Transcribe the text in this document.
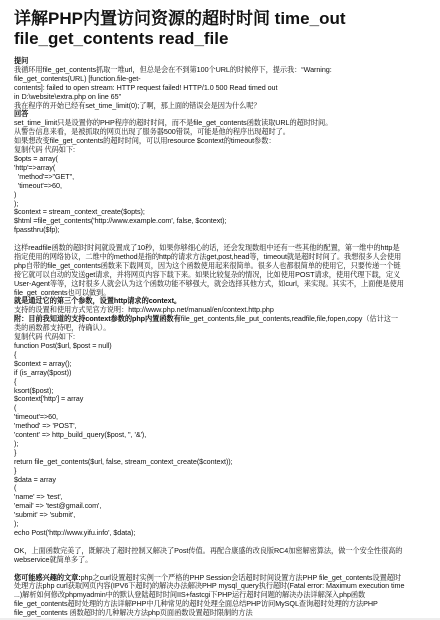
详解PHP内置访问资源的超时时间 time_out
file_get_contents read_file

提问

我循环用file_get_contents抓取一堆url，但总是会在不到第100个URL的时候停下，提示我：“Warning:

file_get_contents(URL) [function.file-get-

contents]: failed to open stream: HTTP request failed! HTTP/1.0 500 Read timed out

in D:\website\extra.php on line 65”

我在程序的开始已经有set_time_limit(0);了啊，那上面的错误会是因为什么呢？

回答

set_time_limit只是设置你的PHP程序的超时时间，而不是file_get_contents函数读取URL的超时时间。

从警告信息来看，是被抓取的网页出现了服务器500错误，可能是他的程序出现超时了。

如果想改变file_get_contents的超时时间，可以用resource $context的timeout参数：

复制代码 代码如下:

$opts = array(

'http'=>array(

'method'=>"GET",

'timeout'=>60,

)

);

$context = stream_context_create($opts);

$html =file_get_contents('http://www.example.com', false, $context);

fpassthru($fp);

这样readfile函数的超时时间就设置成了10秒，如果你够细心的话，还会发现数组中还有一些其他的配置，第一维中的http是

指定使用的网络协议，二维中的method是指的http的请求方法get,post,head等，timeout就是超时时间了。我想很多人会使用

php自带的file_get_contents函数来下载网页，因为这个函数使用起来很简单。很多人也都很简单的使用它，只要传递一个链

接它就可以自动的发送get请求，并将网页内容下载下来。如果比较复杂的情况，比如使用POST请求，使用代理下载，定义

User-Agent等等，这时很多人就会认为这个函数功能不够强大，就会选择其他方式，如curl，来实现。其实不，上面便是使用

file_get_contents也可以做到。

就是通过它的第三个参数，设置http请求的context。

支持的设置和使用方式见官方说明：http://www.php.net/manual/en/context.http.php

附：目前我知道的支持context参数的php内置函数有file_get_contents,file_put_contents,readfile,file,fopen,copy（估计这一

类的函数都支持吧，待确认）。

复制代码 代码如下:

function Post($url, $post = null)

{

$context = array();

if (is_array($post))

{

ksort($post);

$context['http'] = array

(

'timeout'=>60,

'method' => 'POST',

'content' => http_build_query($post, '', '&'),

);

}

return file_get_contents($url, false, stream_context_create($context));

}

$data = array

(

'name' => 'test',

'email' => 'test@gmail.com',

'submit' => 'submit',

);

echo Post('http://www.yifu.info', $data);

OK，上面函数完美了，既解决了超时控制又解决了Post传值。再配合康盛的改良版RC4加密解密算法，做一个安全性很高的

webservice就简单多了。

您可能感兴趣的文章:php之curl设置超时实例一个严格的PHP Session会话超时时间设置方法PHP file_get_contents设置超时

处理方法php curl获取网页内容(IPV6下超时)的解决办法解决PHP mysql_query执行超时(Fatal error: Maximum execution time

...)解析如何修改phpmyadmin中的默认登陆超时时间IIS+fastcgi下PHP运行超时问题的解决办法详解深入php函数

file_get_contents超时处理的方法详解PHP中几种常见的超时处理全面总结PHP访问MySQL查询超时处理的方法PHP

file_get_contents 函数超时的几种解决方法php页面函数设置超时限制的方法
